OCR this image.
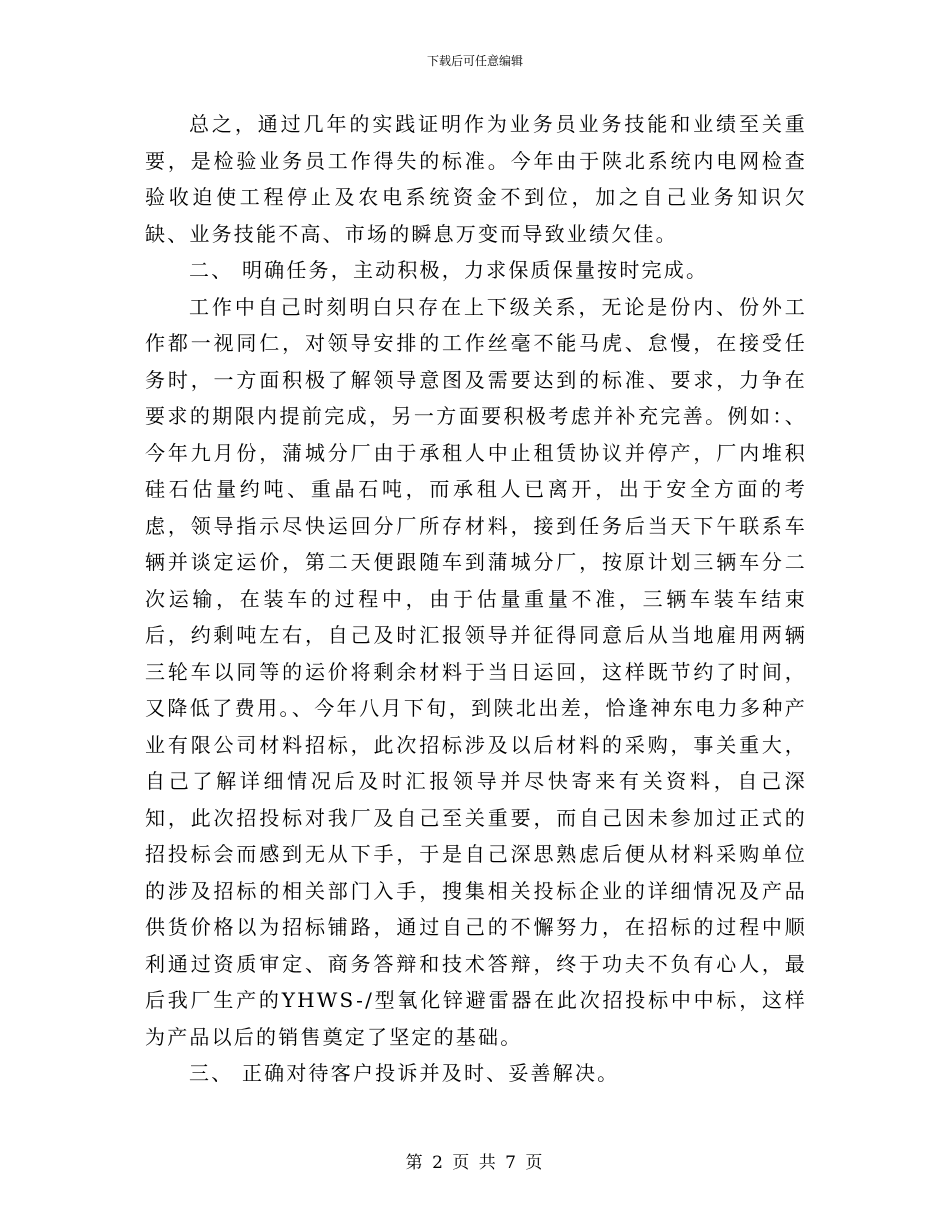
下载后可任意编辑

总之，通过几年的实践证明作为业务员业务技能和业绩至关重要，是检验业务员工作得失的标准。今年由于陕北系统内电网检查验收迫使工程停止及农电系统资金不到位，加之自己业务知识欠缺、业务技能不高、市场的瞬息万变而导致业绩欠佳。

二、 明确任务，主动积极，力求保质保量按时完成。

工作中自己时刻明白只存在上下级关系，无论是份内、份外工作都一视同仁，对领导安排的工作丝毫不能马虎、怠慢，在接受任务时，一方面积极了解领导意图及需要达到的标准、要求，力争在要求的期限内提前完成，另一方面要积极考虑并补充完善。例如：、今年九月份，蒲城分厂由于承租人中止租赁协议并停产，厂内堆积硅石估量约吨、重晶石吨，而承租人已离开，出于安全方面的考虑，领导指示尽快运回分厂所存材料，接到任务后当天下午联系车辆并谈定运价，第二天便跟随车到蒲城分厂，按原计划三辆车分二次运输，在装车的过程中，由于估量重量不准，三辆车装车结束后，约剩吨左右，自己及时汇报领导并征得同意后从当地雇用两辆三轮车以同等的运价将剩余材料于当日运回，这样既节约了时间，又降低了费用。、今年八月下旬，到陕北出差，恰逢神东电力多种产业有限公司材料招标，此次招标涉及以后材料的采购，事关重大，自己了解详细情况后及时汇报领导并尽快寄来有关资料，自己深知，此次招投标对我厂及自己至关重要，而自己因未参加过正式的招投标会而感到无从下手，于是自己深思熟虑后便从材料采购单位的涉及招标的相关部门入手，搜集相关投标企业的详细情况及产品供货价格以为招标铺路，通过自己的不懈努力，在招标的过程中顺利通过资质审定、商务答辩和技术答辩，终于功夫不负有心人，最后我厂生产的YHWS-/型氧化锌避雷器在此次招投标中中标，这样为产品以后的销售奠定了坚定的基础。

三、 正确对待客户投诉并及时、妥善解决。

第 2 页 共 7 页
